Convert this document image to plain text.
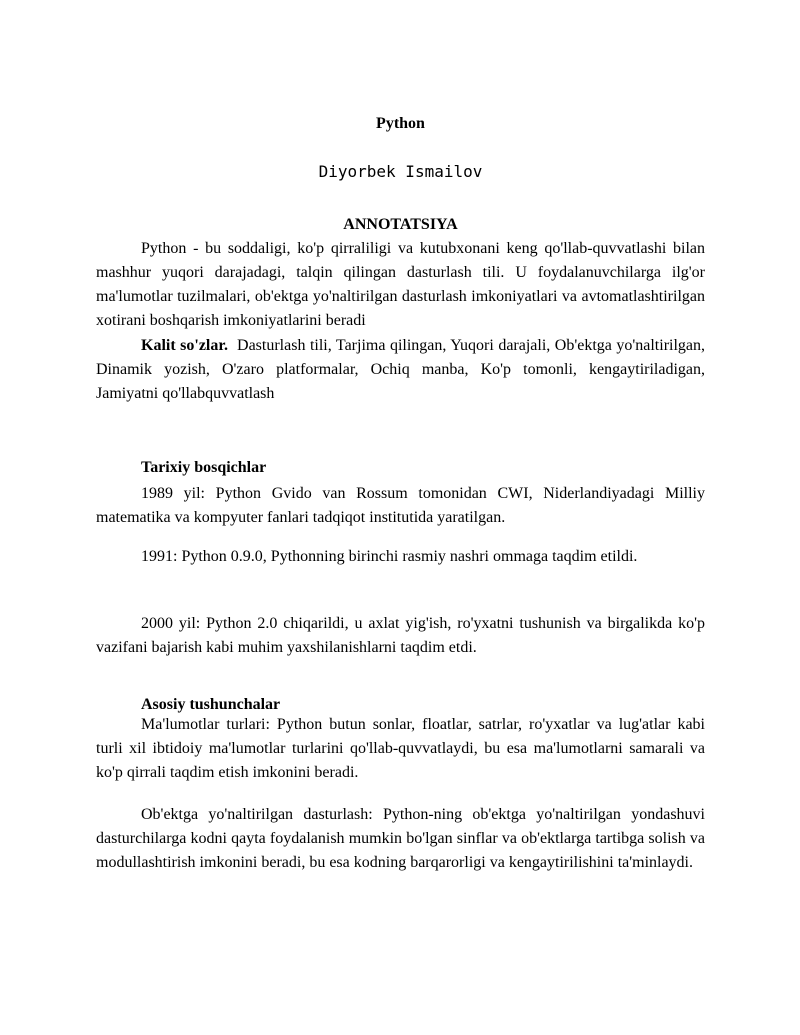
Python
Diyorbek Ismailov
ANNOTATSIYA

Python - bu soddaligi, ko'p qirraliligi va kutubxonani keng qo'llab-quvvatlashi bilan mashhur yuqori darajadagi, talqin qilingan dasturlash tili. U foydalanuvchilarga ilg'or ma'lumotlar tuzilmalari, ob'ektga yo'naltirilgan dasturlash imkoniyatlari va avtomatlashtirilgan xotirani boshqarish imkoniyatlarini beradi

Kalit so'zlar. Dasturlash tili, Tarjima qilingan, Yuqori darajali, Ob'ektga yo'naltirilgan, Dinamik yozish, O'zaro platformalar, Ochiq manba, Ko'p tomonli, kengaytiriladigan, Jamiyatni qo'llabquvvatlash

Tarixiy bosqichlar

1989 yil: Python Gvido van Rossum tomonidan CWI, Niderlandiyadagi Milliy matematika va kompyuter fanlari tadqiqot institutida yaratilgan.

1991: Python 0.9.0, Pythonning birinchi rasmiy nashri ommaga taqdim etildi.

2000 yil: Python 2.0 chiqarildi, u axlat yig'ish, ro'yxatni tushunish va birgalikda ko'p vazifani bajarish kabi muhim yaxshilanishlarni taqdim etdi.

Asosiy tushunchalar

Ma'lumotlar turlari: Python butun sonlar, floatlar, satrlar, ro'yxatlar va lug'atlar kabi turli xil ibtidoiy ma'lumotlar turlarini qo'llab-quvvatlaydi, bu esa ma'lumotlarni samarali va ko'p qirrali taqdim etish imkonini beradi.

Ob'ektga yo'naltirilgan dasturlash: Python-ning ob'ektga yo'naltirilgan yondashuvi dasturchilarga kodni qayta foydalanish mumkin bo'lgan sinflar va ob'ektlarga tartibga solish va modullashtirish imkonini beradi, bu esa kodning barqarorligi va kengaytirilishini ta'minlaydi.
